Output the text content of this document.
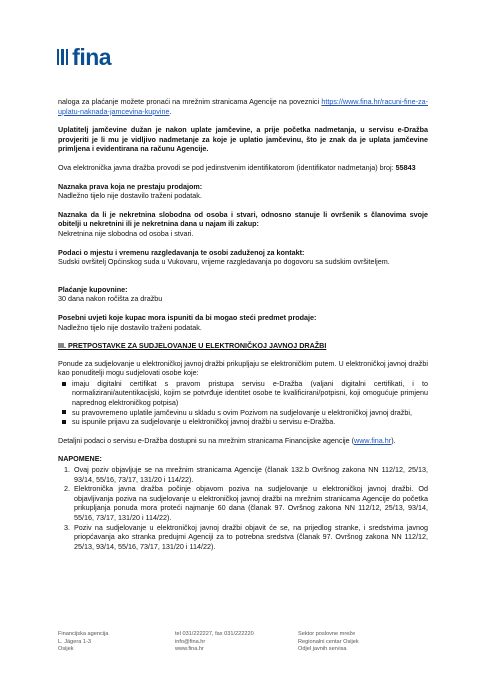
fina

naloga za plaćanje možete pronaći na mrežnim stranicama Agencije na poveznici https://www.fina.hr/racuni-fine-za-uplatu-naknada-jamcevina-kupvine.

Uplatitelj jamčevine dužan je nakon uplate jamčevine, a prije početka nadmetanja, u servisu e-Dražba provjeriti je li mu je vidljivo nadmetanje za koje je uplatio jamčevinu, što je znak da je uplata jamčevine primljena i evidentirana na računu Agencije.

Ova elektronička javna dražba provodi se pod jedinstvenim identifikatorom (identifikator nadmetanja) broj: 55843

Naznaka prava koja ne prestaju prodajom:
Nadležno tijelo nije dostavilo traženi podatak.

Naznaka da li je nekretnina slobodna od osoba i stvari, odnosno stanuje li ovršenik s članovima svoje obitelji u nekretnini ili je nekretnina dana u najam ili zakup:
Nekretnina nije slobodna od osoba i stvari.

Podaci o mjestu i vremenu razgledavanja te osobi zaduženoj za kontakt:
Sudski ovršitelj Općinskog suda u Vukovaru, vrijeme razgledavanja po dogovoru sa sudskim ovršiteljem.

Plaćanje kupovnine:
30 dana nakon ročišta za dražbu

Posebni uvjeti koje kupac mora ispuniti da bi mogao steći predmet prodaje:
Nadležno tijelo nije dostavilo traženi podatak.

III. PRETPOSTAVKE ZA SUDJELOVANJE U ELEKTRONIČKOJ JAVNOJ DRAŽBI

Ponude za sudjelovanje u elektroničkoj javnoj dražbi prikupljaju se elektroničkim putem. U elektroničkoj javnoj dražbi kao ponuditelji mogu sudjelovati osobe koje:

imaju digitalni certifikat s pravom pristupa servisu e-Dražba (valjani digitalni certifikati, i to normalizirani/autentikacijski, kojim se potvrđuje identitet osobe te kvalificirani/potpisni, koji omogućuje primjenu naprednog elektroničkog potpisa)
su pravovremeno uplatile jamčevinu u skladu s ovim Pozivom na sudjelovanje u elektroničkoj javnoj dražbi,
su ispunile prijavu za sudjelovanje u elektroničkoj javnoj dražbi u servisu e-Dražba.

Detaljni podaci o servisu e-Dražba dostupni su na mrežnim stranicama Financijske agencije (www.fina.hr).

NAPOMENE:
1. Ovaj poziv objavljuje se na mrežnim stranicama Agencije (članak 132.b Ovršnog zakona NN 112/12, 25/13, 93/14, 55/16, 73/17, 131/20 i 114/22).
2. Elektronička javna dražba počinje objavom poziva na sudjelovanje u elektroničkoj javnoj dražbi. Od objavljivanja poziva na sudjelovanje u elektroničkoj javnoj dražbi na mrežnim stranicama Agencije do početka prikupljanja ponuda mora proteći najmanje 60 dana (članak 97. Ovršnog zakona NN 112/12, 25/13, 93/14, 55/16, 73/17, 131/20 i 114/22).
3. Poziv na sudjelovanje u elektroničkoj javnoj dražbi objavit će se, na prijedlog stranke, i sredstvima javnog priopćavanja ako stranka predujmi Agenciji za to potrebna sredstva (članak 97. Ovršnog zakona NN 112/12, 25/13, 93/14, 55/16, 73/17, 131/20 i 114/22).
Financijska agencija
L. Jägera 1-3
Osijek
tel 031/222227, fax 031/222220
info@fina.hr
www.fina.hr
Sektor poslovne mreže
Regionalni centar Osijek
Odjel javnih servisa
